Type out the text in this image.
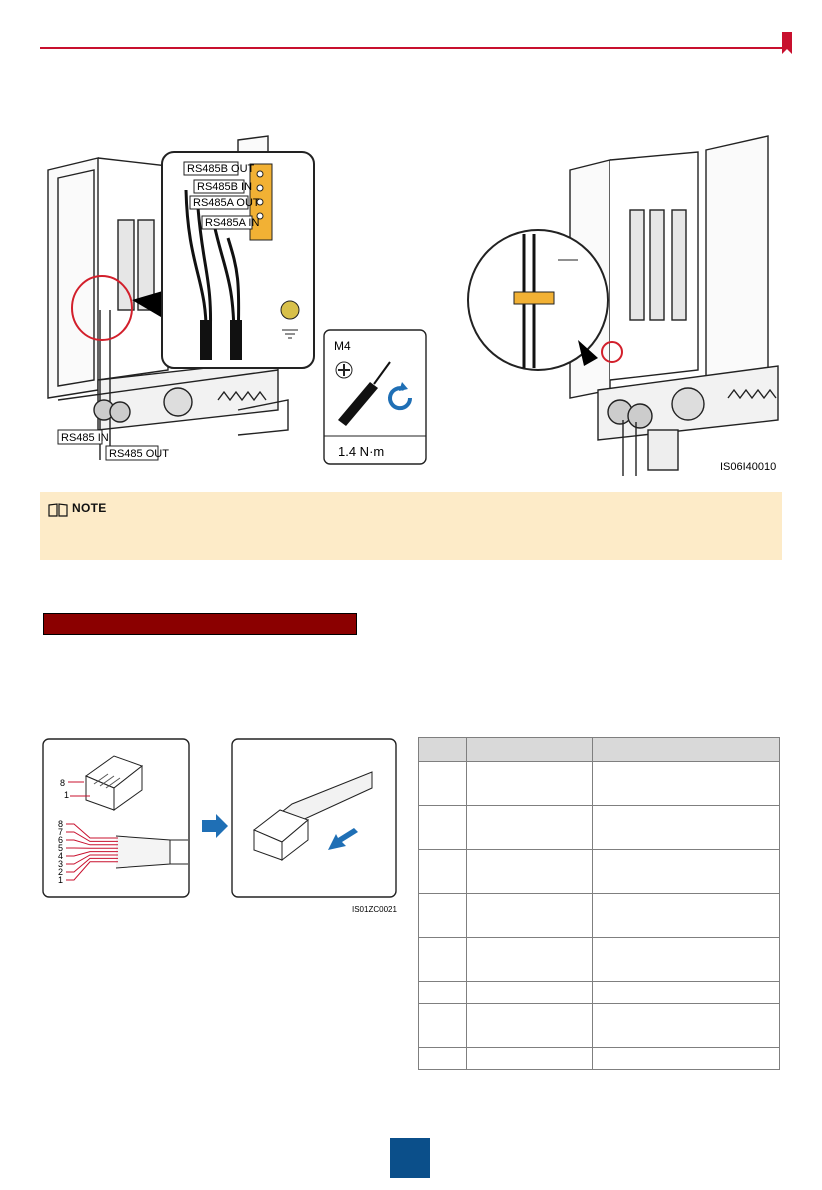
RS485B OUT
RS485B IN
RS485A OUT
RS485A IN
RS485 IN
RS485 OUT
M4
1.4 N·m
IS06I40010
NOTE
8
1
8
7
6
5
4
3
2
1
IS01ZC0021
